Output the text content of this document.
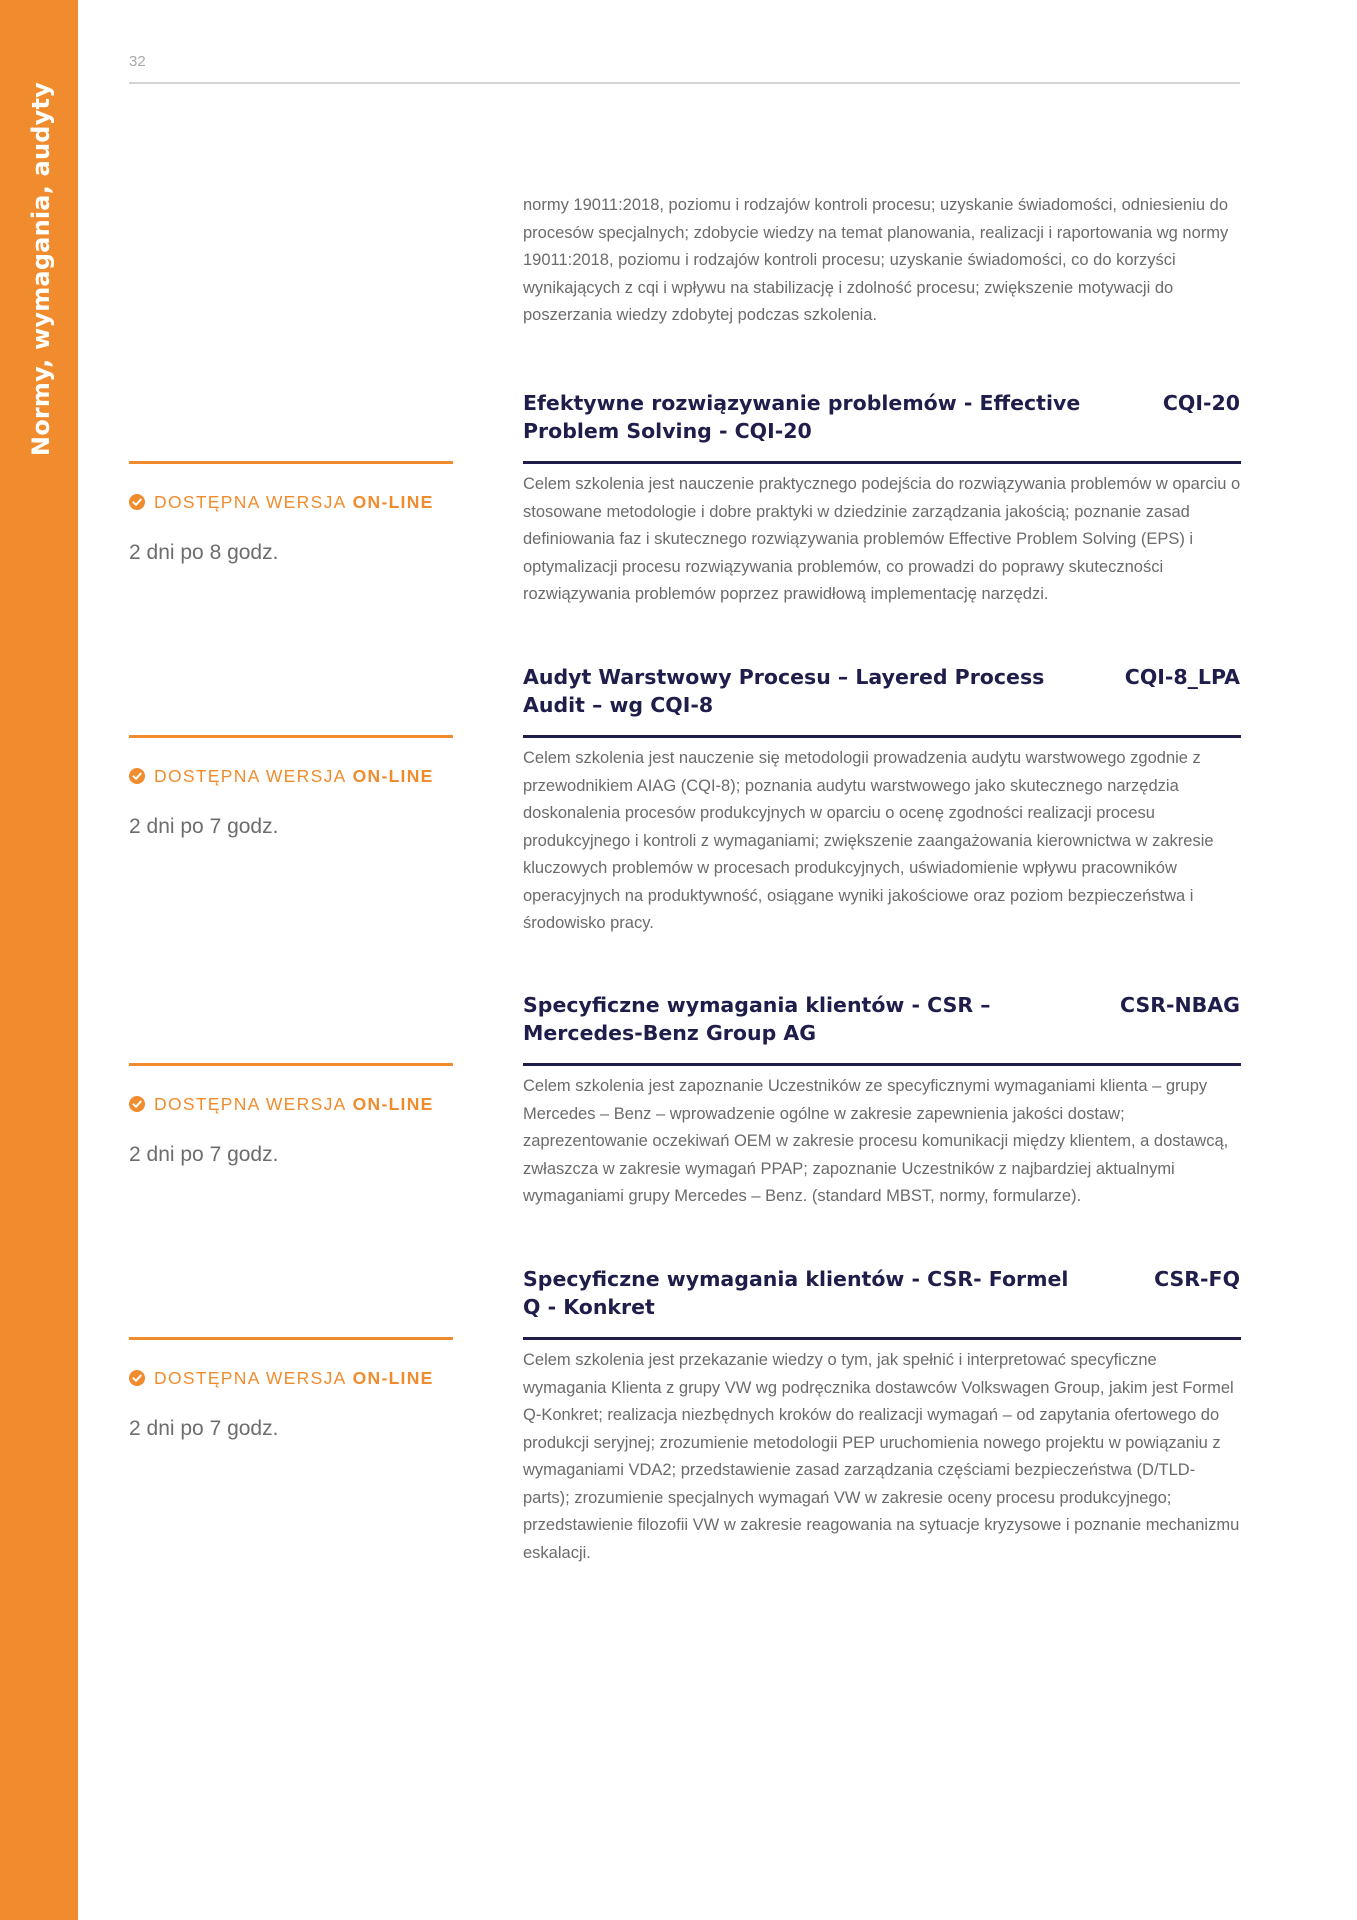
Normy, wymagania, audyty
32

normy 19011:2018, poziomu i rodzajów kontroli procesu; uzyskanie świadomości, odniesieniu do procesów specjalnych; zdobycie wiedzy na temat planowania, realizacji i raportowania wg normy 19011:2018, poziomu i rodzajów kontroli procesu; uzyskanie świadomości, co do korzyści wynikających z cqi i wpływu na stabilizację i zdolność procesu; zwiększenie motywacji do poszerzania wiedzy zdobytej podczas szkolenia.

Efektywne rozwiązywanie problemów - Effective Problem Solving - CQI-20
CQI-20
DOSTĘPNA WERSJA ON-LINE
2 dni po 8 godz.

Celem szkolenia jest nauczenie praktycznego podejścia do rozwiązywania problemów w oparciu o stosowane metodologie i dobre praktyki w dziedzinie zarządzania jakością; poznanie zasad definiowania faz i skutecznego rozwiązywania problemów Effective Problem Solving (EPS) i optymalizacji procesu rozwiązywania problemów, co prowadzi do poprawy skuteczności rozwiązywania problemów poprzez prawidłową implementację narzędzi.

Audyt Warstwowy Procesu – Layered Process Audit – wg CQI-8
CQI-8_LPA
DOSTĘPNA WERSJA ON-LINE
2 dni po 7 godz.

Celem szkolenia jest nauczenie się metodologii prowadzenia audytu warstwowego zgodnie z przewodnikiem AIAG (CQI-8); poznania audytu warstwowego jako skutecznego narzędzia doskonalenia procesów produkcyjnych w oparciu o ocenę zgodności realizacji procesu produkcyjnego i kontroli z wymaganiami; zwiększenie zaangażowania kierownictwa w zakresie kluczowych problemów w procesach produkcyjnych, uświadomienie wpływu pracowników operacyjnych na produktywność, osiągane wyniki jakościowe oraz poziom bezpieczeństwa i środowisko pracy.

Specyficzne wymagania klientów - CSR – Mercedes-Benz Group AG
CSR-NBAG
DOSTĘPNA WERSJA ON-LINE
2 dni po 7 godz.

Celem szkolenia jest zapoznanie Uczestników ze specyficznymi wymaganiami klienta – grupy Mercedes – Benz – wprowadzenie ogólne w zakresie zapewnienia jakości dostaw; zaprezentowanie oczekiwań OEM w zakresie procesu komunikacji między klientem, a dostawcą, zwłaszcza w zakresie wymagań PPAP; zapoznanie Uczestników z najbardziej aktualnymi wymaganiami grupy Mercedes – Benz. (standard MBST, normy, formularze).

Specyficzne wymagania klientów - CSR- Formel Q - Konkret
CSR-FQ
DOSTĘPNA WERSJA ON-LINE
2 dni po 7 godz.

Celem szkolenia jest przekazanie wiedzy o tym, jak spełnić i interpretować specyficzne wymagania Klienta z grupy VW wg podręcznika dostawców Volkswagen Group, jakim jest Formel Q-Konkret; realizacja niezbędnych kroków do realizacji wymagań – od zapytania ofertowego do produkcji seryjnej; zrozumienie metodologii PEP uruchomienia nowego projektu w powiązaniu z wymaganiami VDA2; przedstawienie zasad zarządzania częściami bezpieczeństwa (D/TLD-parts); zrozumienie specjalnych wymagań VW w zakresie oceny procesu produkcyjnego; przedstawienie filozofii VW w zakresie reagowania na sytuacje kryzysowe i poznanie mechanizmu eskalacji.
